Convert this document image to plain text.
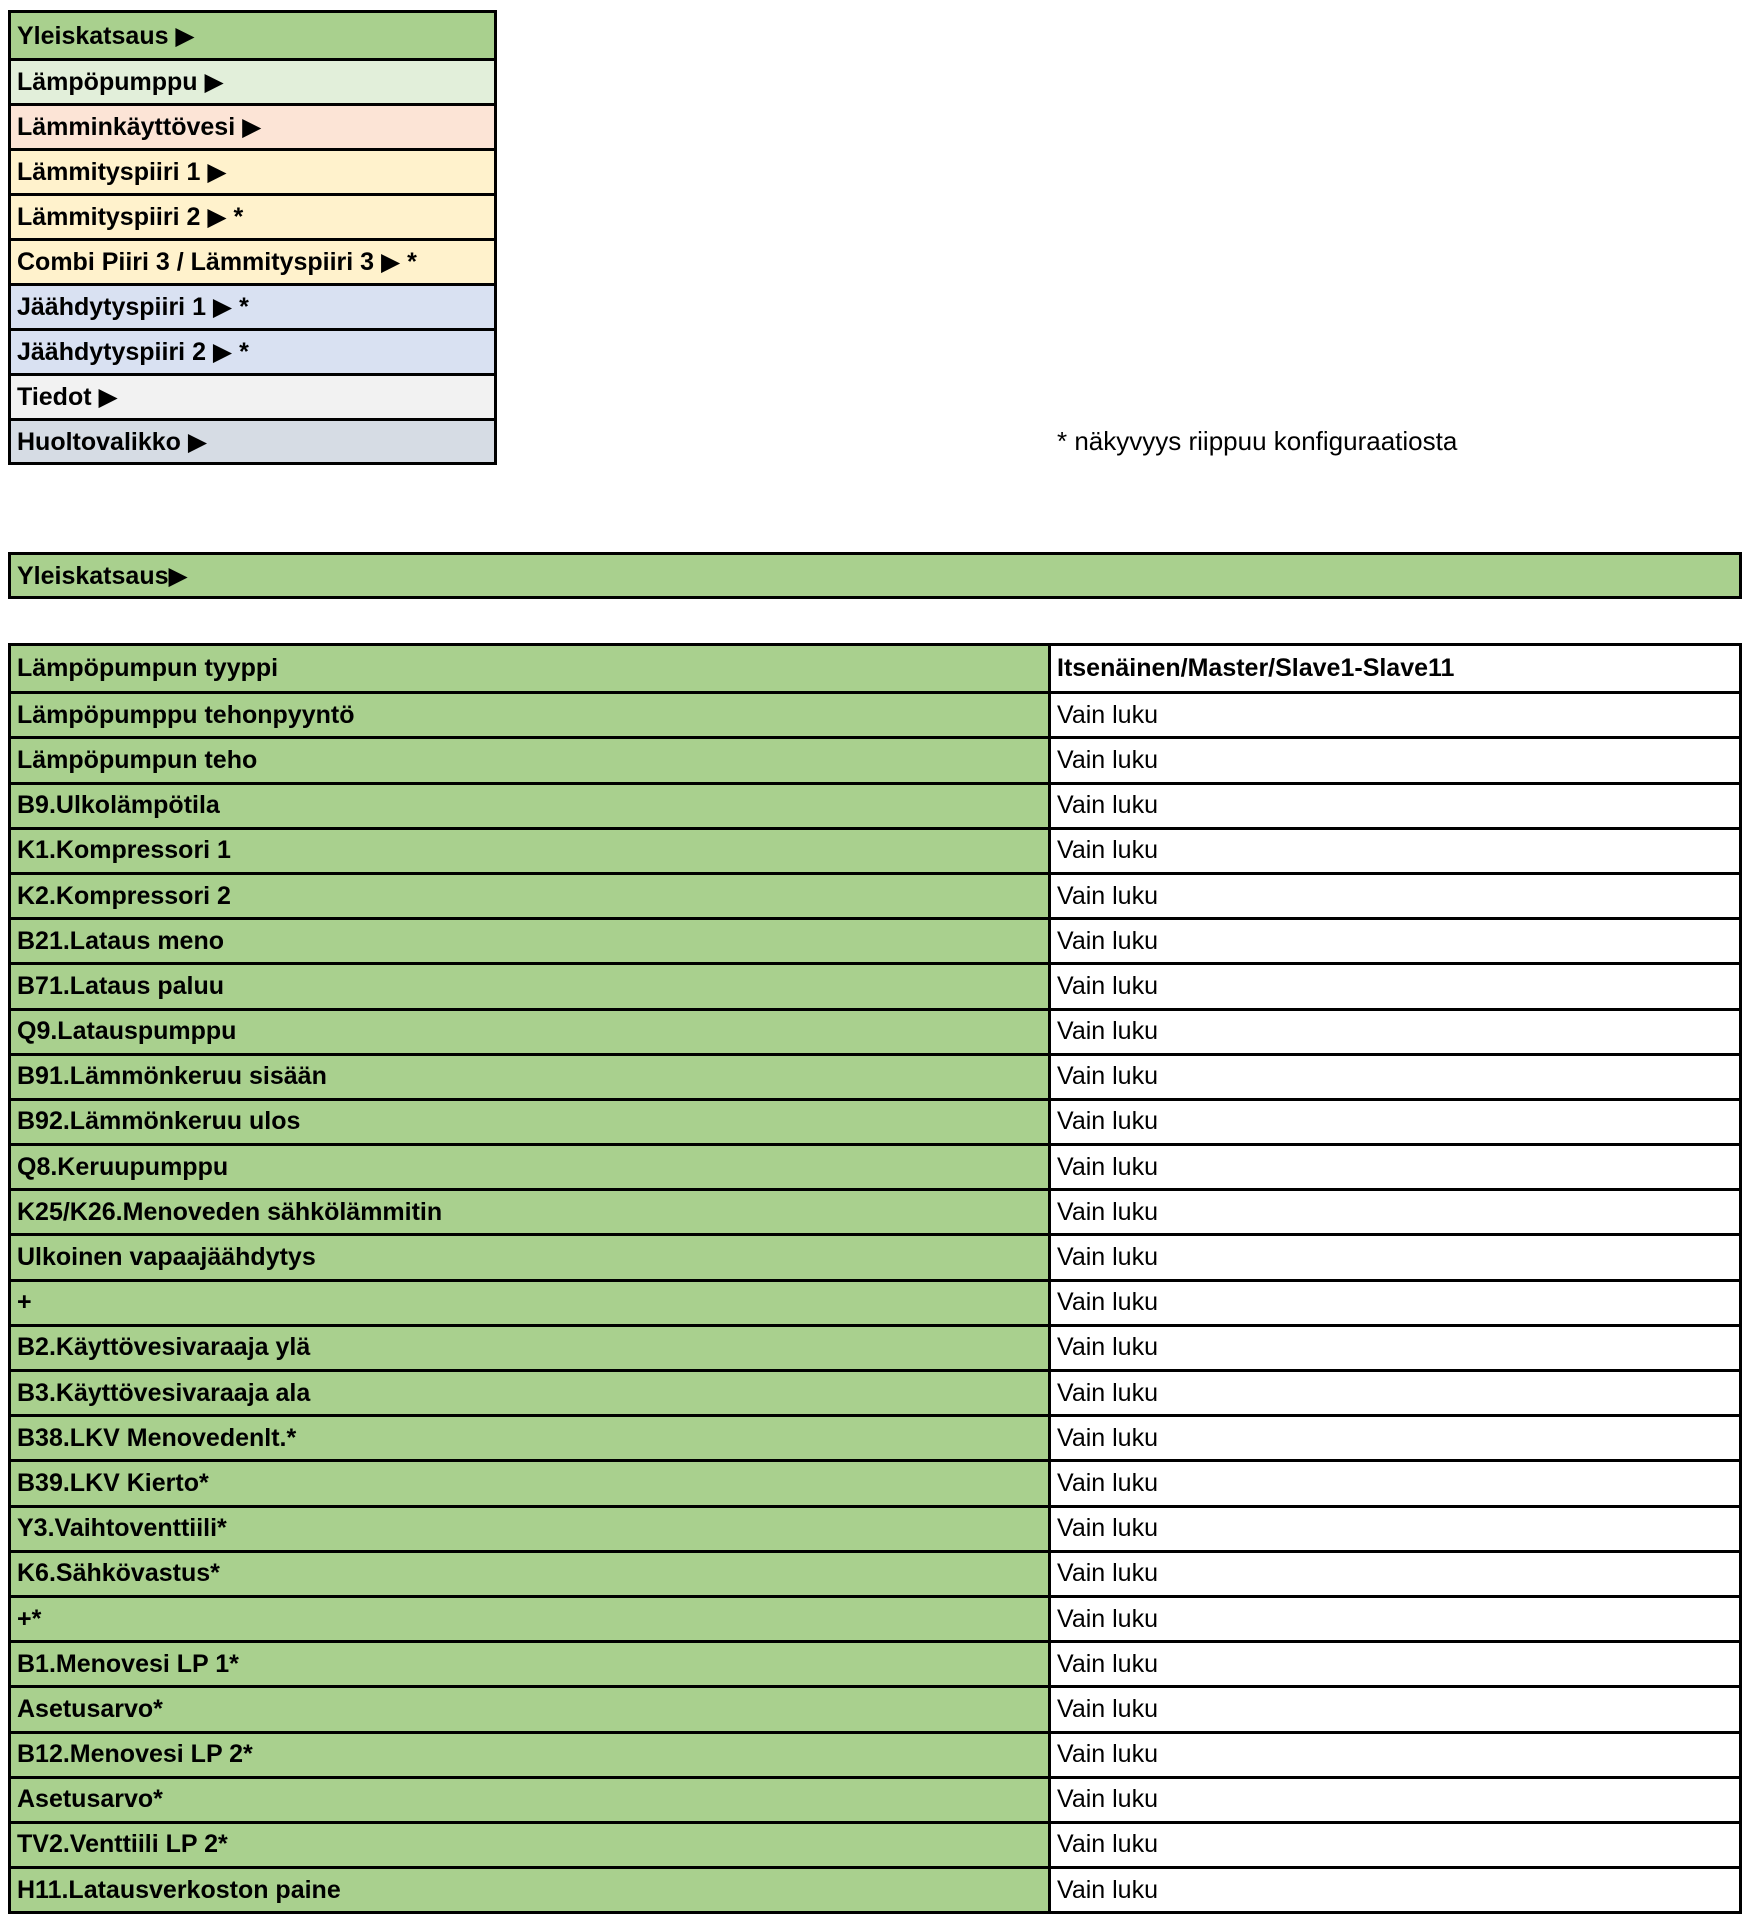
Yleiskatsaus ▶
Lämpöpumppu ▶
Lämminkäyttövesi ▶
Lämmityspiiri 1 ▶
Lämmityspiiri 2 ▶ *
Combi Piiri 3 / Lämmityspiiri 3 ▶ *
Jäähdytyspiiri 1 ▶ *
Jäähdytyspiiri 2 ▶ *
Tiedot ▶
Huoltovalikko ▶	* näkyvyys riippuu konfiguraatiosta
Yleiskatsaus▶
Lämpöpumpun tyyppi	Itsenäinen/Master/Slave1-Slave11
Lämpöpumppu tehonpyyntö	Vain luku
Lämpöpumpun teho	Vain luku
B9.Ulkolämpötila	Vain luku
K1.Kompressori 1	Vain luku
K2.Kompressori 2	Vain luku
B21.Lataus meno	Vain luku
B71.Lataus paluu	Vain luku
Q9.Latauspumppu	Vain luku
B91.Lämmönkeruu sisään	Vain luku
B92.Lämmönkeruu ulos	Vain luku
Q8.Keruupumppu	Vain luku
K25/K26.Menoveden sähkölämmitin	Vain luku
Ulkoinen vapaajäähdytys	Vain luku
+	Vain luku
B2.Käyttövesivaraaja ylä	Vain luku
B3.Käyttövesivaraaja ala	Vain luku
B38.LKV Menovedenlt.*	Vain luku
B39.LKV Kierto*	Vain luku
Y3.Vaihtoventtiili*	Vain luku
K6.Sähkövastus*	Vain luku
+*	Vain luku
B1.Menovesi LP 1*	Vain luku
Asetusarvo*	Vain luku
B12.Menovesi LP 2*	Vain luku
Asetusarvo*	Vain luku
TV2.Venttiili LP 2*	Vain luku
H11.Latausverkoston paine	Vain luku
